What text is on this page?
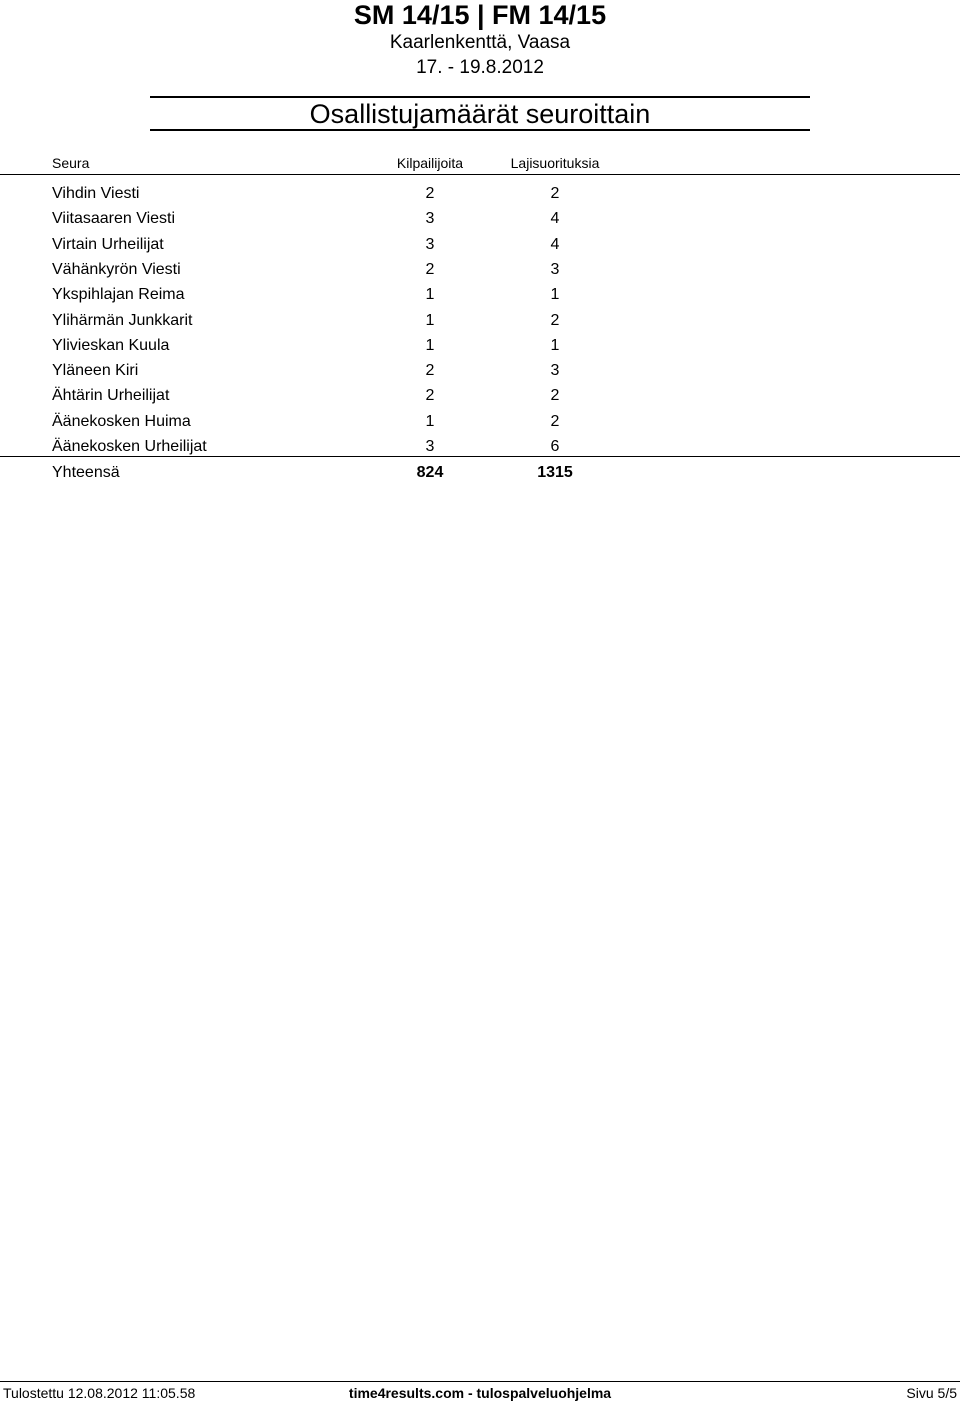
SM 14/15 | FM 14/15
Kaarlenkenttä, Vaasa
17. - 19.8.2012
Osallistujamäärät seuroittain
Seura	Kilpailijoita	Lajisuorituksia
Vihdin Viesti	2	2
Viitasaaren Viesti	3	4
Virtain Urheilijat	3	4
Vähänkyrön Viesti	2	3
Ykspihlajan Reima	1	1
Ylihärmän Junkkarit	1	2
Ylivieskan Kuula	1	1
Yläneen Kiri	2	3
Ähtärin Urheilijat	2	2
Äänekosken Huima	1	2
Äänekosken Urheilijat	3	6
Yhteensä	824	1315
Tulostettu 12.08.2012 11:05.58	time4results.com - tulospalveluohjelma	Sivu 5/5
